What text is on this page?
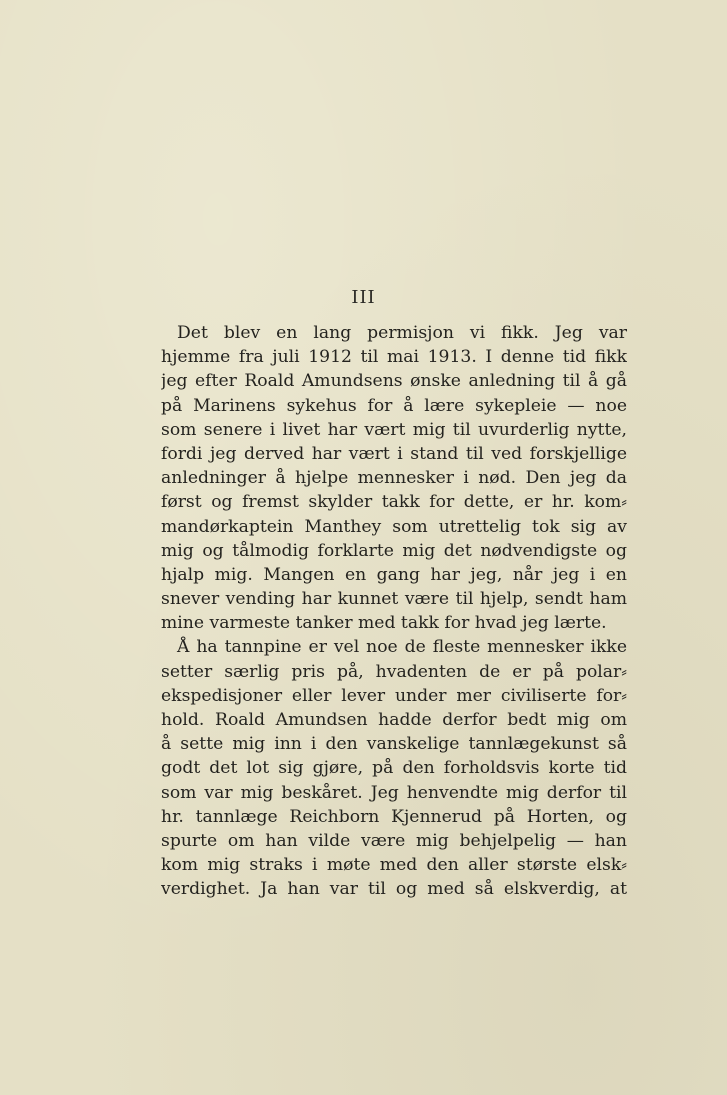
III
Det blev en lang permisjon vi fikk. Jeg var
hjemme fra juli 1912 til mai 1913. I denne tid fikk
jeg efter Roald Amundsens ønske anledning til å gå
på Marinens sykehus for å lære sykepleie — noe
som senere i livet har vært mig til uvurderlig nytte,
fordi jeg derved har vært i stand til ved forskjellige
anledninger å hjelpe mennesker i nød. Den jeg da
først og fremst skylder takk for dette, er hr. kom⸗
mandørkaptein Manthey som utrettelig tok sig av
mig og tålmodig forklarte mig det nødvendigste og
hjalp mig. Mangen en gang har jeg, når jeg i en
snever vending har kunnet være til hjelp, sendt ham
mine varmeste tanker med takk for hvad jeg lærte.
Å ha tannpine er vel noe de fleste mennesker ikke
setter særlig pris på, hvadenten de er på polar⸗
ekspedisjoner eller lever under mer civiliserte for⸗
hold. Roald Amundsen hadde derfor bedt mig om
å sette mig inn i den vanskelige tannlægekunst så
godt det lot sig gjøre, på den forholdsvis korte tid
som var mig beskåret. Jeg henvendte mig derfor til
hr. tannlæge Reichborn Kjennerud på Horten, og
spurte om han vilde være mig behjelpelig — han
kom mig straks i møte med den aller største elsk⸗
verdighet. Ja han var til og med så elskverdig, at
